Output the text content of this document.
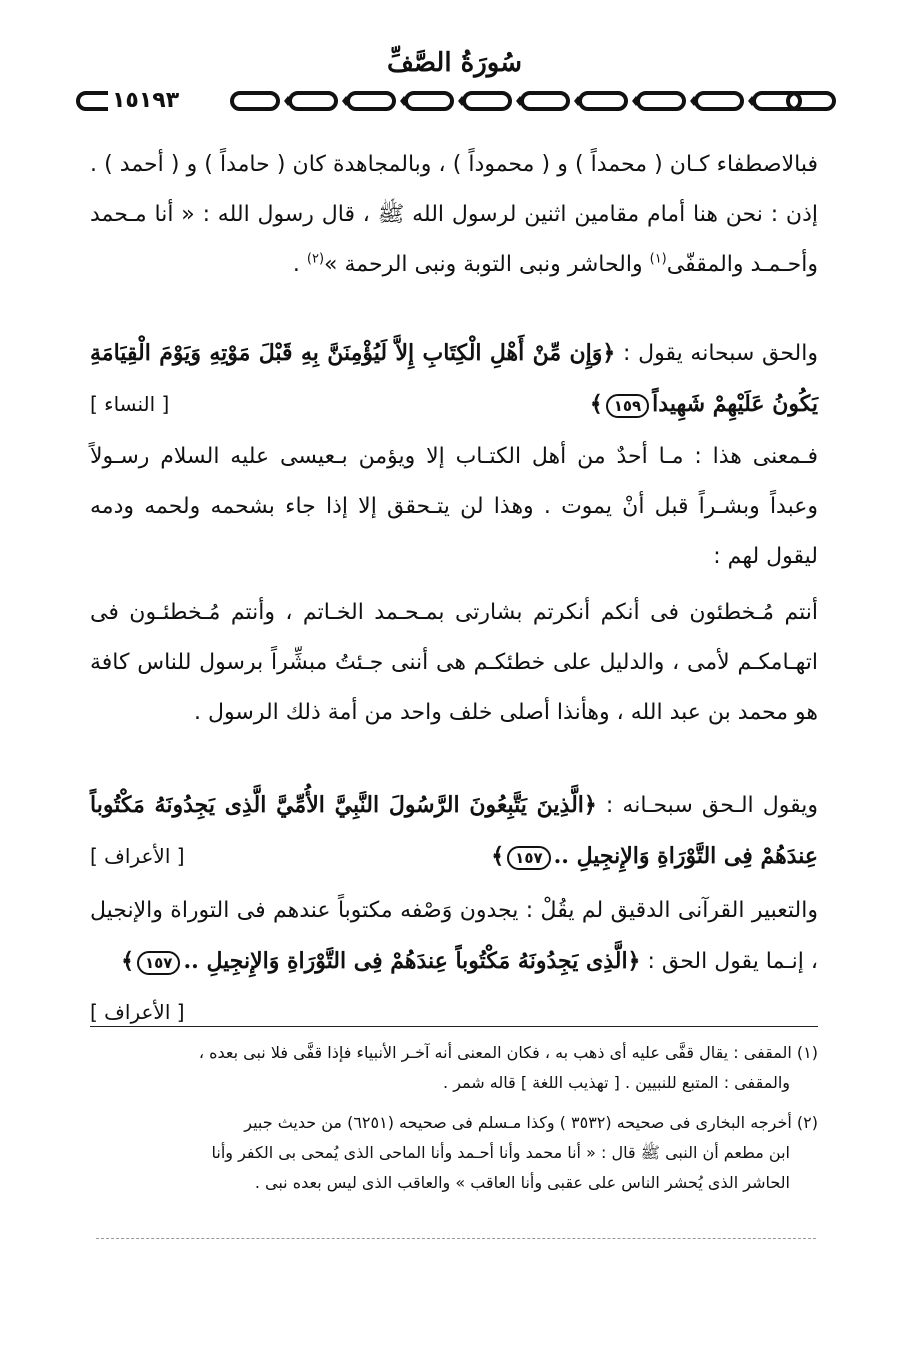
سُورَةُ الصَّفِّ
١٥١٩٣

فبالاصطفاء كـان ( محمداً ) و ( محموداً ) ، وبالمجاهدة كان ( حامداً ) و ( أحمد ) . إذن : نحن هنا أمام مقامين اثنين لرسول الله ﷺ ، قال رسول الله : « أنا مـحمد وأحـمـد والمقفّى$^{(١)}$ والحاشر ونبى التوبة ونبى الرحمة »$^{(٢)}$ .

والحق سبحانه يقول : ﴿وَإِن مِّنْ أَهْلِ الْكِتَابِ إِلاَّ لَيُؤْمِنَنَّ بِهِ قَبْلَ مَوْتِهِ وَيَوْمَ الْقِيَامَةِ يَكُونُ عَلَيْهِمْ شَهِيداً١٥٩﴾
[ النساء ]

فـمعنى هذا : مـا أحدٌ من أهل الكتـاب إلا ويؤمن بـعيسى عليه السلام رسـولاً وعبداً وبشـراً قبل أنْ يموت . وهذا لن يتـحقق إلا إذا جاء بشحمه ولحمه ودمه ليقول لهم :

أنتم مُـخطئون فى أنكم أنكرتم بشارتى بمـحـمد الخـاتم ، وأنتم مُـخطئـون فى اتهـامكـم لأمى ، والدليل على خطئكـم هى أننى جـئتُ مبشِّراً برسول للناس كافة هو محمد بن عبد الله ، وهأنذا أصلى خلف واحد من أمة ذلك الرسول .

ويقول الـحق سبحـانه : ﴿الَّذِينَ يَتَّبِعُونَ الرَّسُولَ النَّبِيَّ الأُمِّيَّ الَّذِى يَجِدُونَهُ مَكْتُوباً عِندَهُمْ فِى التَّوْرَاةِ وَالإِنجِيلِ ..١٥٧﴾
[ الأعراف ]

والتعبير القرآنى الدقيق لم يقُلْ : يجدون وَصْفه مكتوباً عندهم فى التوراة والإنجيل ، إنـما يقول الحق : ﴿الَّذِى يَجِدُونَهُ مَكْتُوباً عِندَهُمْ فِى التَّوْرَاةِ وَالإِنجِيلِ ..١٥٧﴾
[ الأعراف ]

(١) المقفى : يقال قفَّى عليه أى ذهب به ، فكان المعنى أنه آخـر الأنبياء فإذا قفَّى فلا نبى بعده ،

والمقفى : المتبع للنبيين . [ تهذيب اللغة ] قاله شمر .

(٢) أخرجه البخارى فى صحيحه (٣٥٣٢ ) وكذا مـسلم فى صحيحه (٦٢٥١) من حديث جبير

ابن مطعم أن النبى ﷺ قال : « أنا محمد وأنا أحـمد وأنا الماحى الذى يُمحى بى الكفر وأنا

الحاشر الذى يُحشر الناس على عقبى وأنا العاقب » والعاقب الذى ليس بعده نبى .
